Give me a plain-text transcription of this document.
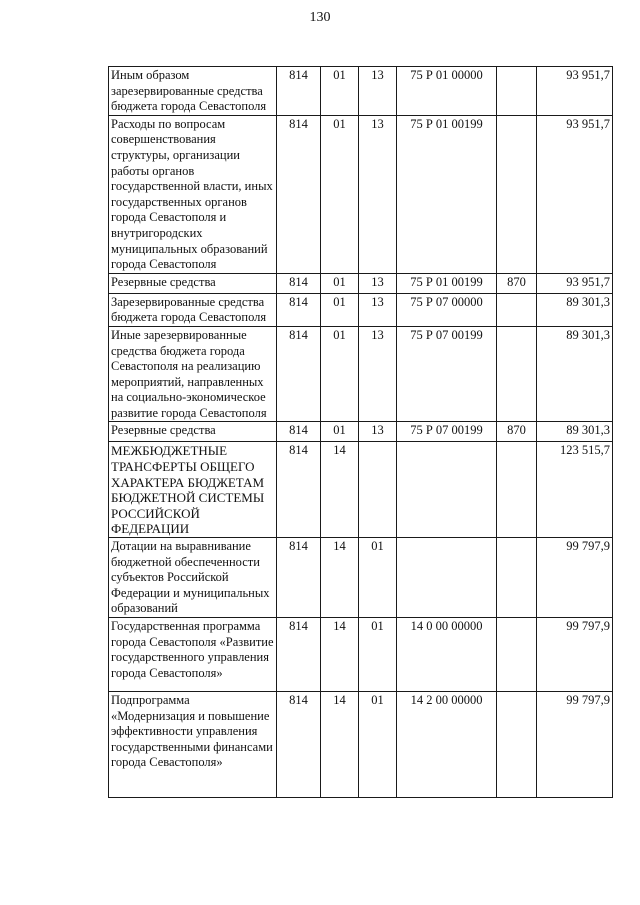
130
Иным образом зарезервированные средства бюджета города Севастополя	814	01	13	75 Р 01 00000		93 951,7
Расходы по вопросам совершенствования структуры, организации работы органов государственной власти, иных государственных органов города Севастополя и внутригородских муниципальных образований города Севастополя	814	01	13	75 Р 01 00199		93 951,7
Резервные средства	814	01	13	75 Р 01 00199	870	93 951,7
Зарезервированные средства бюджета города Севастополя	814	01	13	75 Р 07 00000		89 301,3
Иные зарезервированные средства бюджета города Севастополя на реализацию мероприятий, направленных на социально-экономическое развитие города Севастополя	814	01	13	75 Р 07 00199		89 301,3
Резервные средства	814	01	13	75 Р 07 00199	870	89 301,3
МЕЖБЮДЖЕТНЫЕ ТРАНСФЕРТЫ ОБЩЕГО ХАРАКТЕРА БЮДЖЕТАМ БЮДЖЕТНОЙ СИСТЕМЫ РОССИЙСКОЙ ФЕДЕРАЦИИ	814	14				123 515,7
Дотации на выравнивание бюджетной обеспеченности субъектов Российской Федерации и муниципальных образований	814	14	01			99 797,9
Государственная программа города Севастополя «Развитие государственного управления города Севастополя»	814	14	01	14 0 00 00000		99 797,9
Подпрограмма «Модернизация и повышение эффективности управления государственными финансами города Севастополя»	814	14	01	14 2 00 00000		99 797,9
